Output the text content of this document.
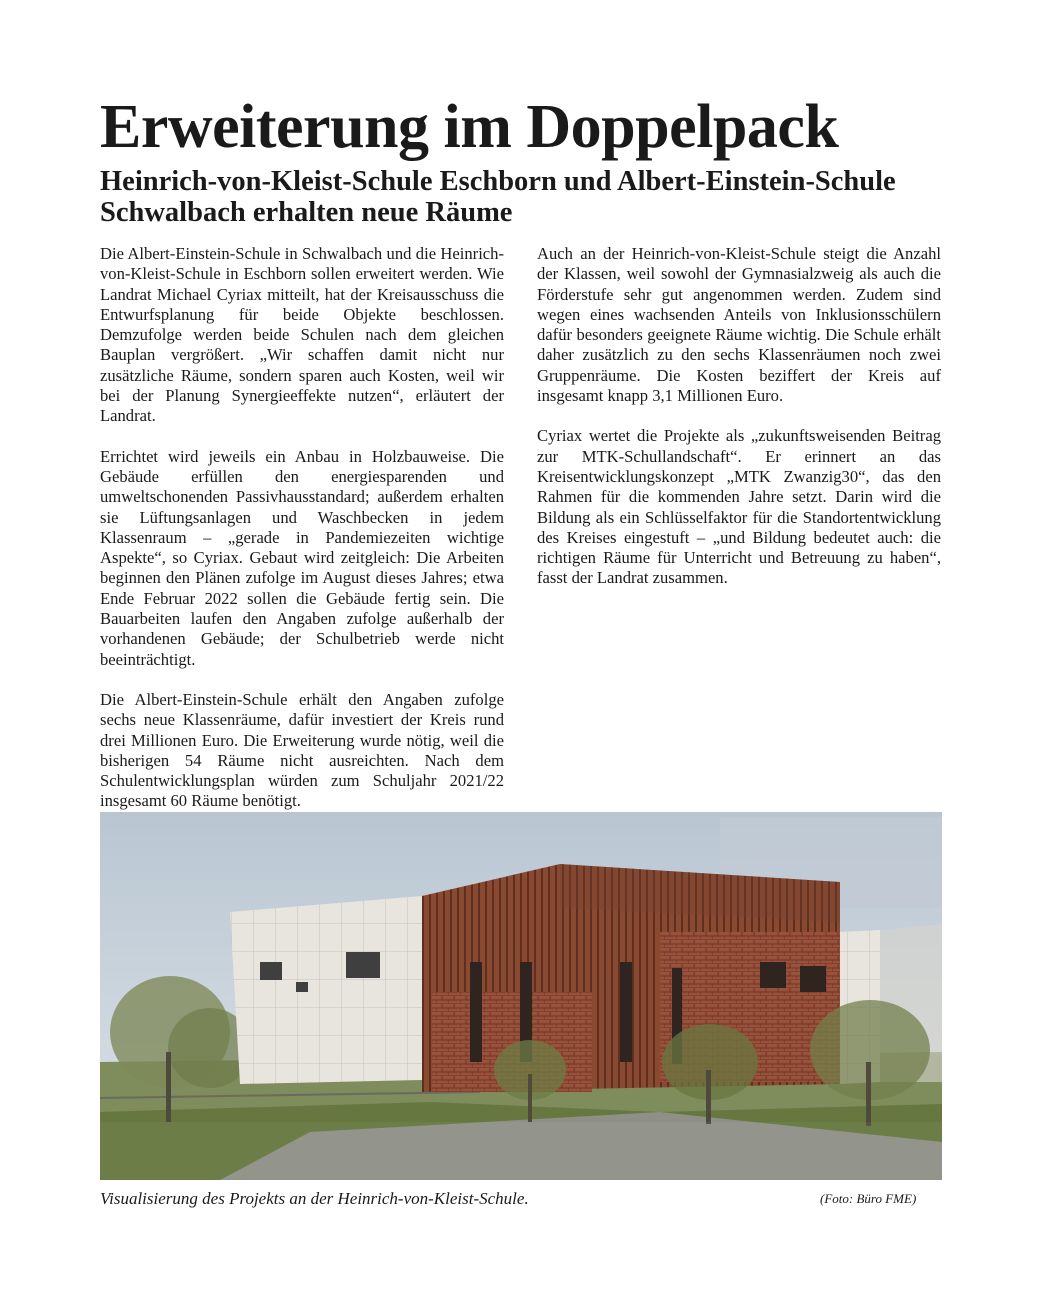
Erweiterung im Doppelpack
Heinrich-von-Kleist-Schule Eschborn und Albert-Einstein-Schule Schwalbach erhalten neue Räume

Die Albert-Einstein-Schule in Schwalbach und die Heinrich-von-Kleist-Schule in Eschborn sollen erweitert werden. Wie Landrat Michael Cyriax mitteilt, hat der Kreisausschuss die Entwurfsplanung für beide Objekte beschlossen. Demzufolge werden beide Schulen nach dem gleichen Bauplan vergrößert. „Wir schaffen damit nicht nur zusätzliche Räume, sondern sparen auch Kosten, weil wir bei der Planung Synergieeffekte nutzen“, erläutert der Landrat.

Errichtet wird jeweils ein Anbau in Holzbauweise. Die Gebäude erfüllen den energiesparenden und umweltschonenden Passivhausstandard; außerdem erhalten sie Lüftungsanlagen und Waschbecken in jedem Klassenraum – „gerade in Pandemiezeiten wichtige Aspekte“, so Cyriax. Gebaut wird zeitgleich: Die Arbeiten beginnen den Plänen zufolge im August dieses Jahres; etwa Ende Februar 2022 sollen die Gebäude fertig sein. Die Bauarbeiten laufen den Angaben zufolge außerhalb der vorhandenen Gebäude; der Schulbetrieb werde nicht beeinträchtigt.

Die Albert-Einstein-Schule erhält den Angaben zufolge sechs neue Klassenräume, dafür investiert der Kreis rund drei Millionen Euro. Die Erweiterung wurde nötig, weil die bisherigen 54 Räume nicht ausreichten. Nach dem Schulentwicklungsplan würden zum Schuljahr 2021/22 insgesamt 60 Räume benötigt.

Auch an der Heinrich-von-Kleist-Schule steigt die Anzahl der Klassen, weil sowohl der Gymnasialzweig als auch die Förderstufe sehr gut angenommen werden. Zudem sind wegen eines wachsenden Anteils von Inklusionsschülern dafür besonders geeignete Räume wichtig. Die Schule erhält daher zusätzlich zu den sechs Klassenräumen noch zwei Gruppenräume. Die Kosten beziffert der Kreis auf insgesamt knapp 3,1 Millionen Euro.

Cyriax wertet die Projekte als „zukunftsweisenden Beitrag zur MTK-Schullandschaft“. Er erinnert an das Kreisentwicklungskonzept „MTK Zwanzig30“, das den Rahmen für die kommenden Jahre setzt. Darin wird die Bildung als ein Schlüsselfaktor für die Standortentwicklung des Kreises eingestuft – „und Bildung bedeutet auch: die richtigen Räume für Unterricht und Betreuung zu haben“, fasst der Landrat zusammen.

Visualisierung des Projekts an der Heinrich-von-Kleist-Schule.	(Foto: Büro FME)
